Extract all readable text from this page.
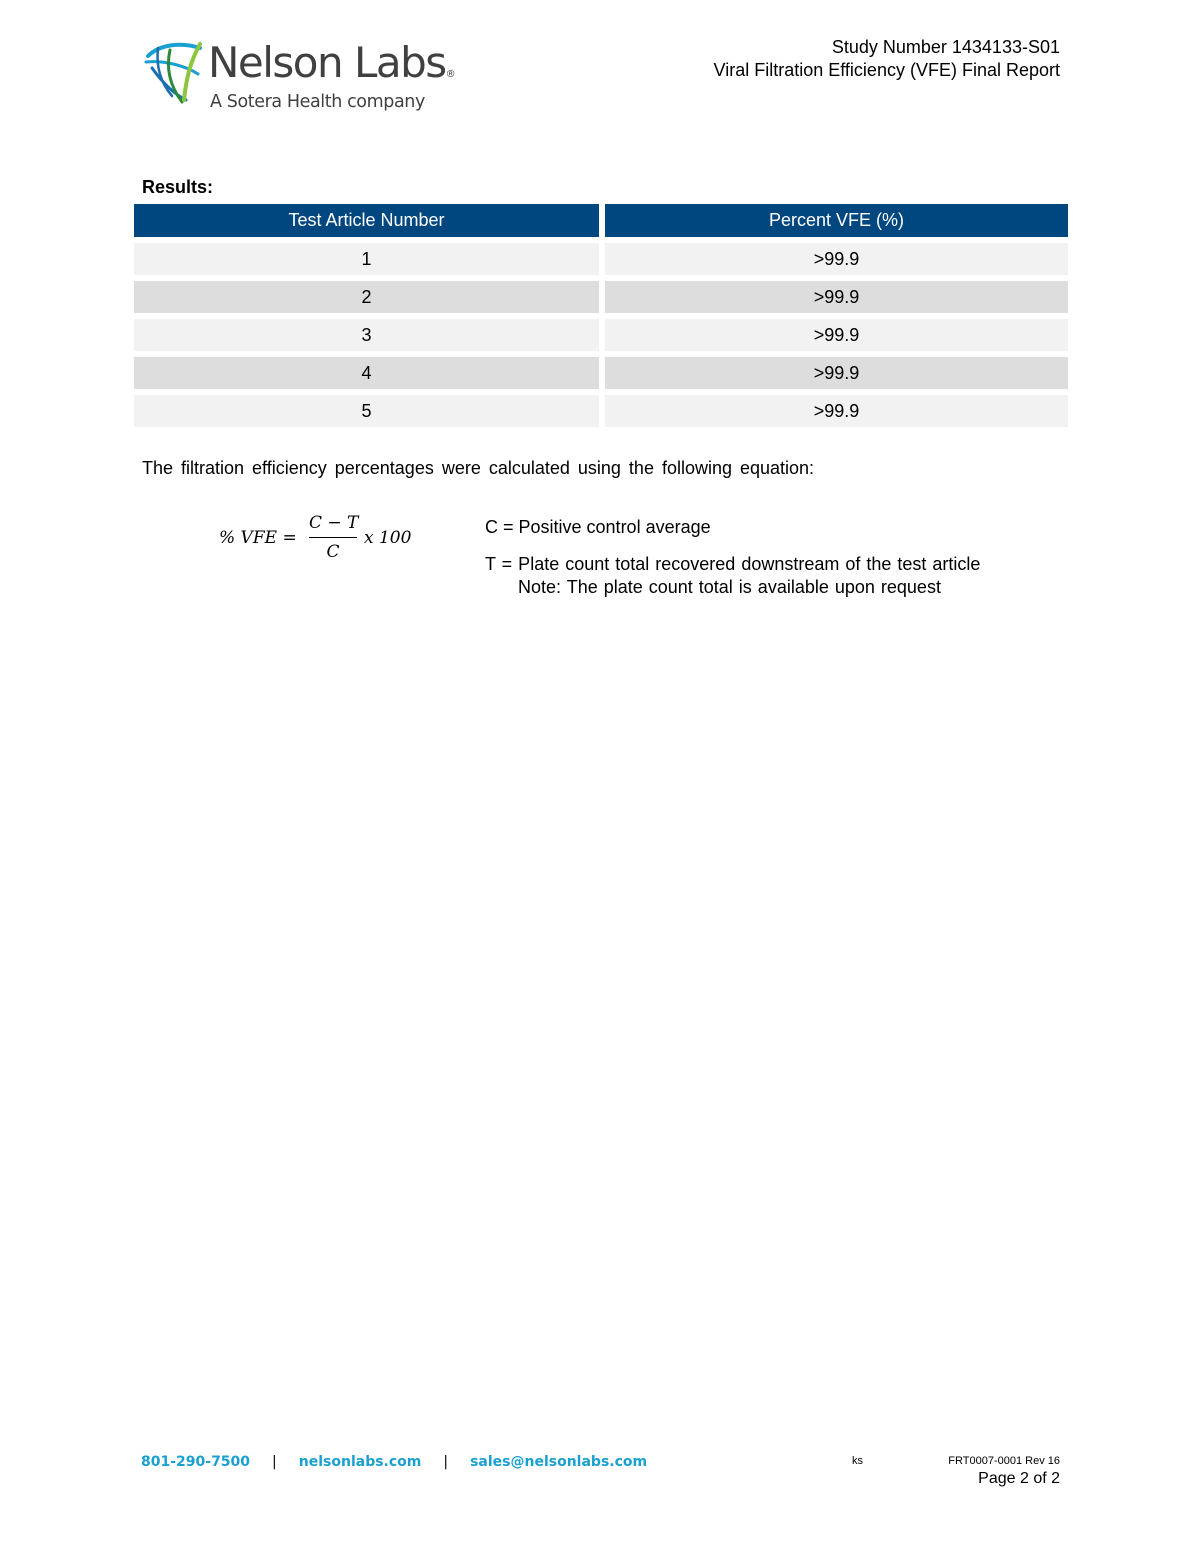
Nelson Labs®
A Sotera Health company
Study Number 1434133-S01
Viral Filtration Efficiency (VFE) Final Report
Results:
Test Article Number	Percent VFE (%)
1	>99.9
2	>99.9
3	>99.9
4	>99.9
5	>99.9
The filtration efficiency percentages were calculated using the following equation:
% VFE =
C − T
C
x 100
C = Positive control average
T = Plate count total recovered downstream of the test article
Note: The plate count total is available upon request
801-290-7500 | nelsonlabs.com | sales@nelsonlabs.com	ks	FRT0007-0001 Rev 16
Page 2 of 2
